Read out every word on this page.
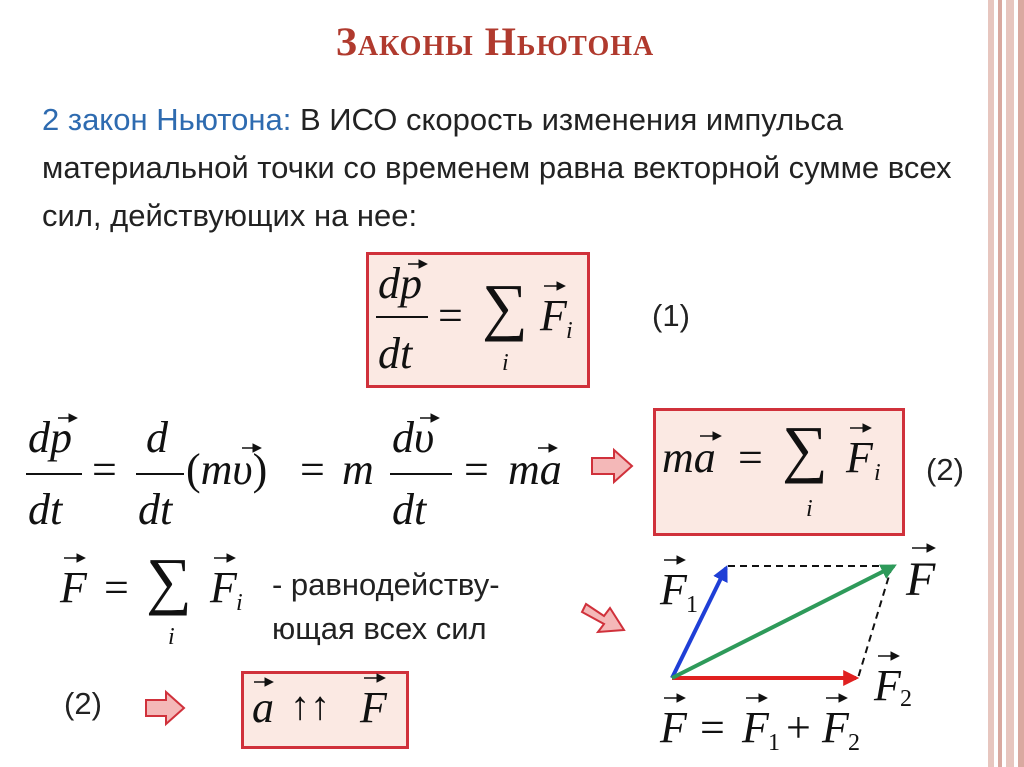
Законы Ньютона
2 закон Ньютона: В ИСО скорость изменения импульса материальной точки со временем равна векторной сумме всех сил, действующих на нее:
dp
dt
= ∑
i
F i	(1)
dp
dt
=
d
dt
(mυ) = m
dυ
dt
= ma ma = ∑
i
F i (2)
F = ∑
i
F i
- равнодейству-
ющая всех сил
(2)	a ↑↑ F
F 1	F
F 2
F = F 1 + F 2
